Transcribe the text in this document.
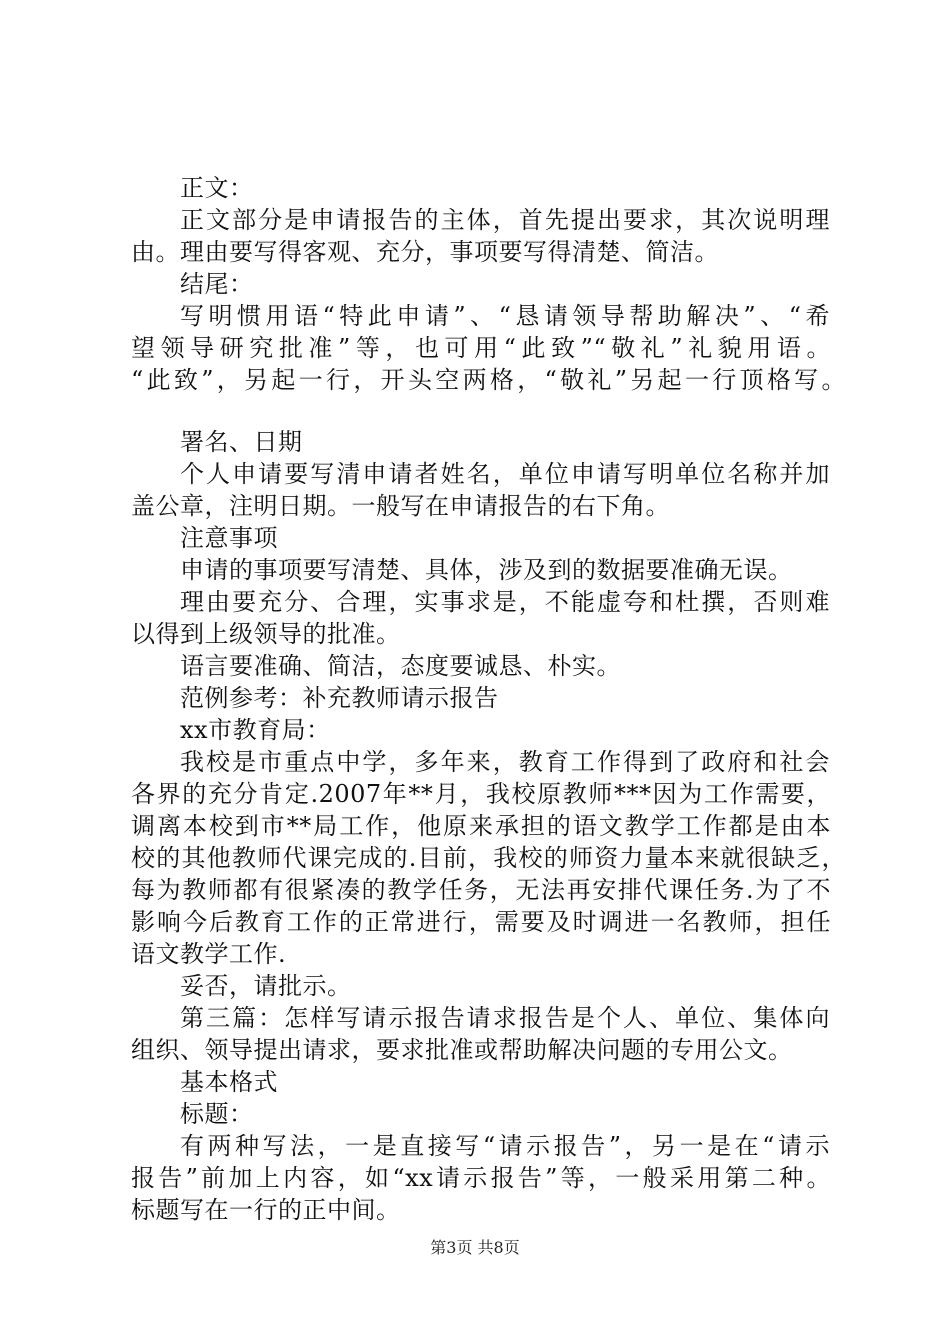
正文：
正文部分是申请报告的主体，首先提出要求，其次说明理
由。理由要写得客观、充分，事项要写得清楚、简洁。
结尾：
写明惯用语“特此申请”、“恳请领导帮助解决”、“希
望领导研究批准”等，也可用“此致”“敬礼”礼貌用语。
“此致”，另起一行，开头空两格，“敬礼”另起一行顶格写。
署名、日期
个人申请要写清申请者姓名，单位申请写明单位名称并加
盖公章，注明日期。一般写在申请报告的右下角。
注意事项
申请的事项要写清楚、具体，涉及到的数据要准确无误。
理由要充分、合理，实事求是，不能虚夸和杜撰，否则难
以得到上级领导的批准。
语言要准确、简洁，态度要诚恳、朴实。
范例参考：补充教师请示报告
xx市教育局：
我校是市重点中学，多年来，教育工作得到了政府和社会
各界的充分肯定.2007年**月，我校原教师***因为工作需要，
调离本校到市**局工作，他原来承担的语文教学工作都是由本
校的其他教师代课完成的.目前，我校的师资力量本来就很缺乏，
每为教师都有很紧凑的教学任务，无法再安排代课任务.为了不
影响今后教育工作的正常进行，需要及时调进一名教师，担任
语文教学工作.
妥否，请批示。
第三篇：怎样写请示报告请求报告是个人、单位、集体向
组织、领导提出请求，要求批准或帮助解决问题的专用公文。
基本格式
标题：
有两种写法，一是直接写“请示报告”，另一是在“请示
报告”前加上内容，如“xx请示报告”等，一般采用第二种。
标题写在一行的正中间。
第3页 共8页
